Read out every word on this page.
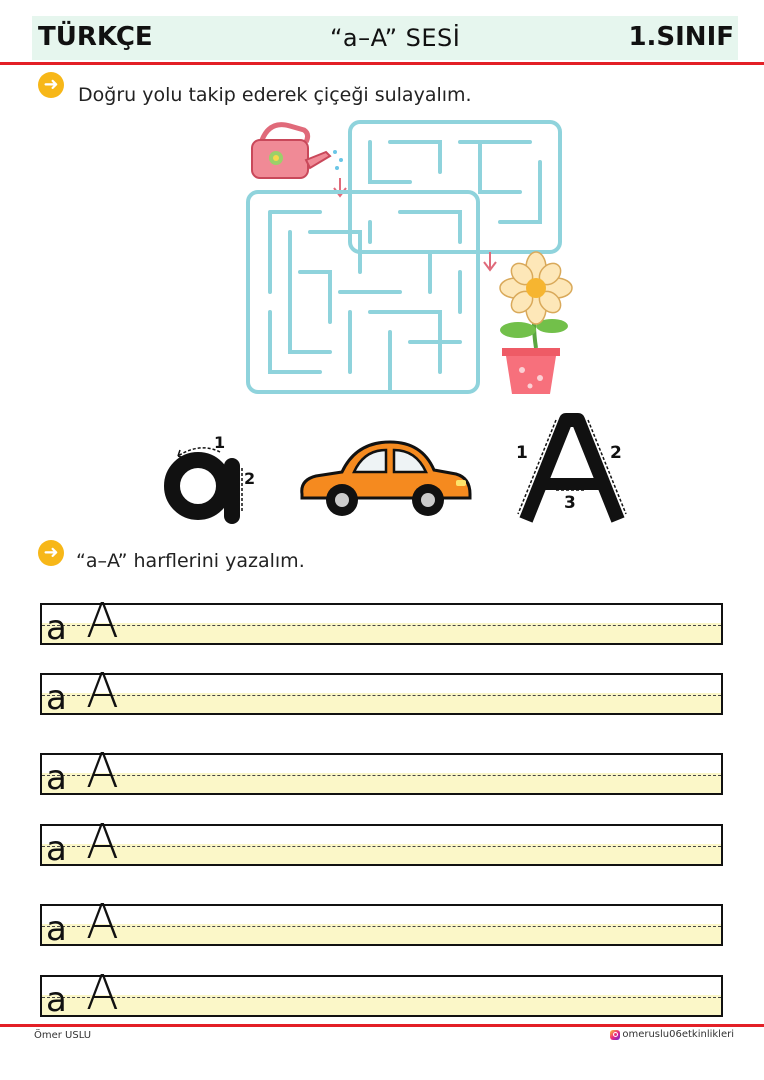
TÜRKÇE	“a–A” SESİ	1.SINIF
➜ Doğru yolu takip ederek çiçeği sulayalım.
1
2
1	2
3
➜ “a–A” harflerini yazalım.
a A
a A
a A
a A
a A
a A
Ömer USLU	omeruslu06etkinlikleri
